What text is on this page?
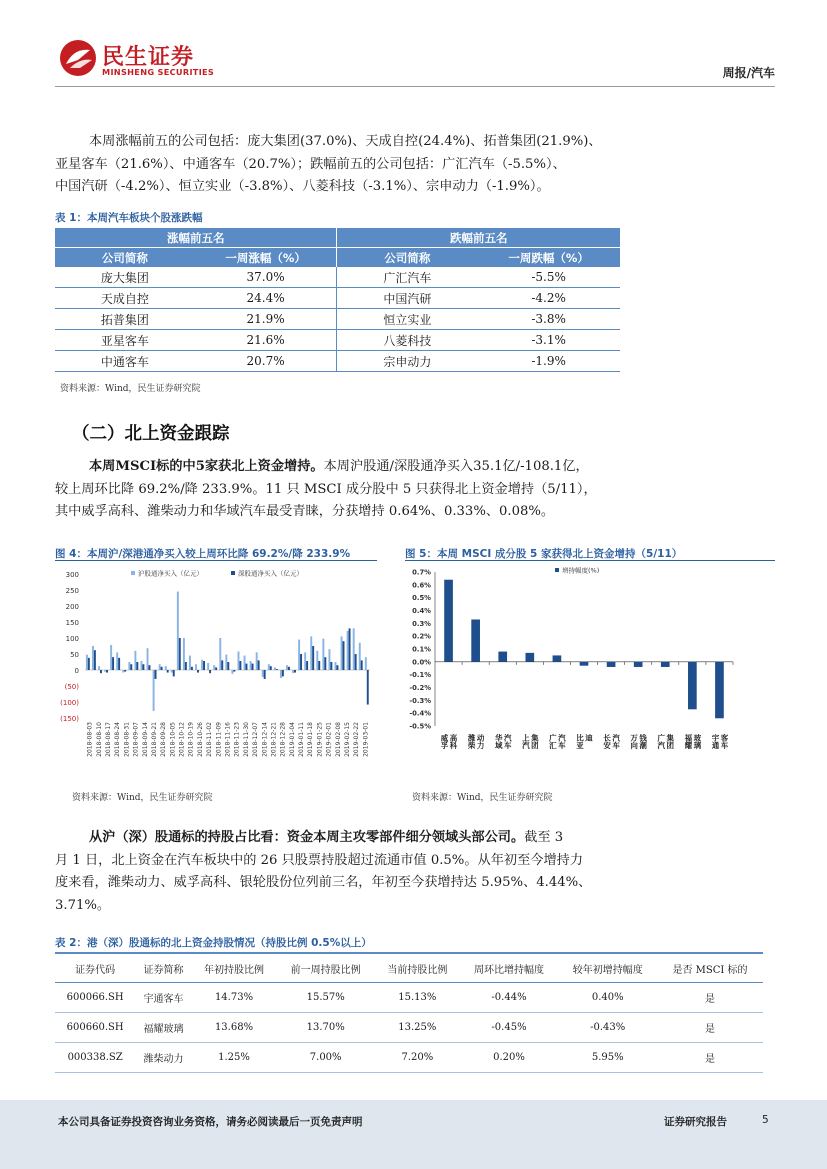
民生证券
MINSHENG SECURITIES	周报/汽车

本周涨幅前五的公司包括：庞大集团(37.0%)、天成自控(24.4%)、拓普集团(21.9%)、

亚星客车（21.6%）、中通客车（20.7%）；跌幅前五的公司包括：广汇汽车（-5.5%）、

中国汽研（-4.2%）、恒立实业（-3.8%）、八菱科技（-3.1%）、宗申动力（-1.9%）。

表 1：本周汽车板块个股涨跌幅
涨幅前五名		跌幅前五名	
公司简称	一周涨幅（%）	公司简称	一周跌幅（%）
庞大集团	37.0%	广汇汽车	-5.5%
天成自控	24.4%	中国汽研	-4.2%
拓普集团	21.9%	恒立实业	-3.8%
亚星客车	21.6%	八菱科技	-3.1%
中通客车	20.7%	宗申动力	-1.9%
资料来源：Wind，民生证券研究院
（二）北上资金跟踪

本周MSCI标的中5家获北上资金增持。本周沪股通/深股通净买入35.1亿/-108.1亿，

较上周环比降 69.2%/降 233.9%。11 只 MSCI 成分股中 5 只获得北上资金增持（5/11），

其中威孚高科、潍柴动力和华域汽车最受青睐，分获增持 0.64%、0.33%、0.08%。

图 4：本周沪/深港通净买入较上周环比降 69.2%/降 233.9%
300
250
200
150
100
50
0
(50)
(100)
(150)
沪股通净买入（亿元）	深股通净买入（亿元）
2018-08-03 2018-08-10 2018-08-17 2018-08-24 2018-08-31 2018-09-07 2018-09-14 2018-09-21 2018-09-28 2018-10-05 2018-10-12 2018-10-19 2018-10-26 2018-11-02 2018-11-09 2018-11-16 2018-11-23 2018-11-30 2018-12-07 2018-12-14 2018-12-21 2018-12-28 2019-01-04 2019-01-11 2019-01-18 2019-01-25 2019-02-01 2019-02-08 2019-02-15 2019-02-22 2019-03-01
资料来源：Wind，民生证券研究院
图 5：本周 MSCI 成分股 5 家获得北上资金增持（5/11）
0.7%
0.6%
0.5%
0.4%
0.3%
0.2%
0.1%
0.0%
-0.1%
-0.2%
-0.3%
-0.4%
-0.5%
威孚 高科 潍柴 动力 华域 汽车 上汽 集团 广汇 汽车 比亚 迪 长安 汽车 万向 钱潮 广汽 集团 福耀 玻璃 宇通 客车
增持幅度(%)
资料来源：Wind，民生证券研究院

从沪（深）股通标的持股占比看：资金本周主攻零部件细分领域头部公司。截至 3

月 1 日，北上资金在汽车板块中的 26 只股票持股超过流通市值 0.5%。从年初至今增持力

度来看，潍柴动力、威孚高科、银轮股份位列前三名，年初至今获增持达 5.95%、4.44%、

3.71%。

表 2：港（深）股通标的北上资金持股情况（持股比例 0.5%以上）
证券代码	证券简称	年初持股比例	前一周持股比例	当前持股比例	周环比增持幅度	较年初增持幅度	是否 MSCI 标的
600066.SH	宇通客车	14.73%	15.57%	15.13%	-0.44%	0.40%	是
600660.SH	福耀玻璃	13.68%	13.70%	13.25%	-0.45%	-0.43%	是
000338.SZ	潍柴动力	1.25%	7.00%	7.20%	0.20%	5.95%	是
本公司具备证券投资咨询业务资格，请务必阅读最后一页免责声明	证券研究报告	5
